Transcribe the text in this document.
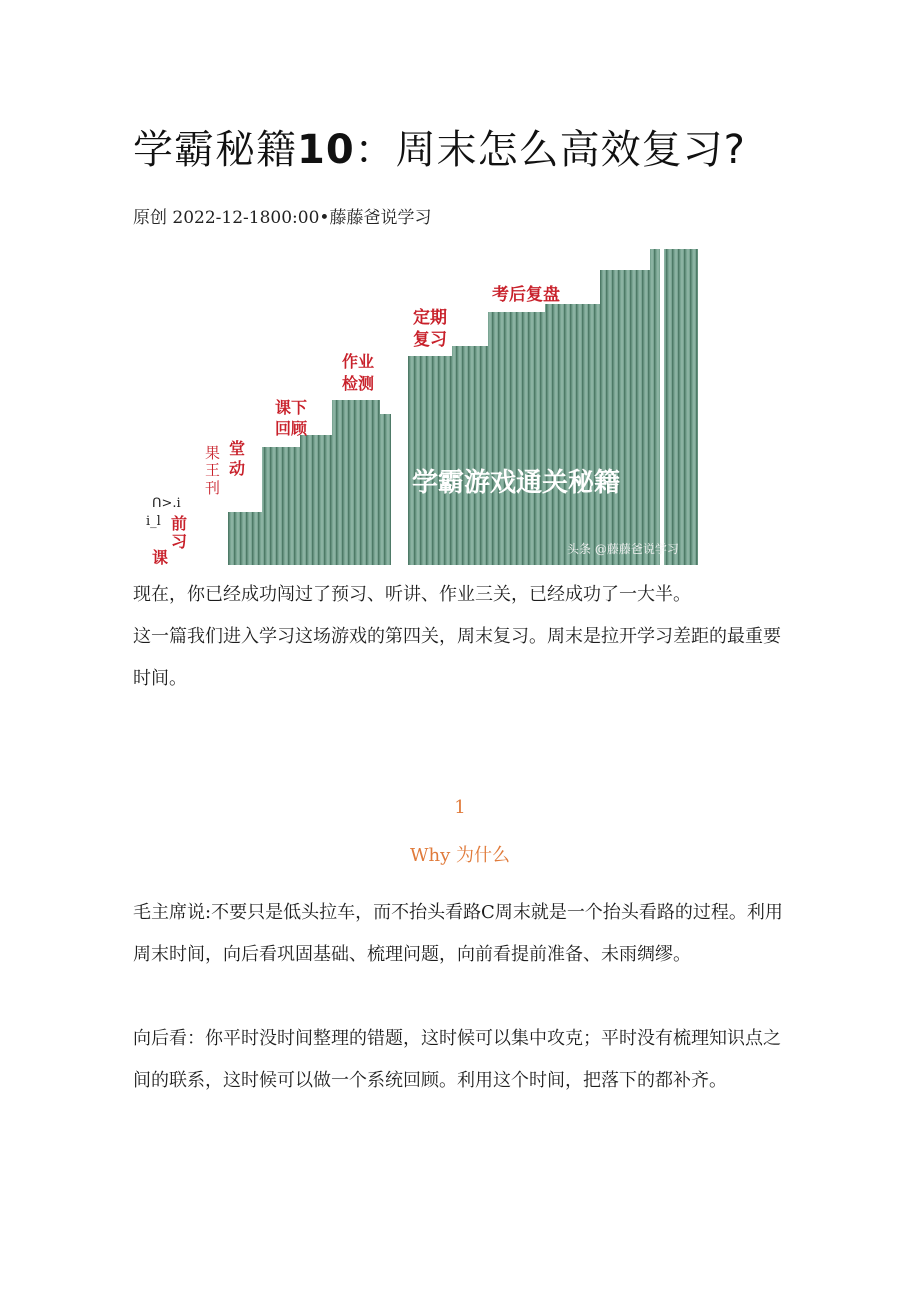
学霸秘籍10：周末怎么高效复习?
原创 2022-12-1800:00•藤藤爸说学习
前
习
课
ᑎ>.i
i_l
果
王
刊
堂
动
课下
回顾
作业
检测
定期
复习
考后复盘
学霸游戏通关秘籍
头条 @藤藤爸说学习

现在，你已经成功闯过了预习、听讲、作业三关，已经成功了一大半。

这一篇我们进入学习这场游戏的第四关，周末复习。周末是拉开学习差距的最重要时间。

1
Why 为什么

毛主席说:不要只是低头拉车，而不抬头看路C周末就是一个抬头看路的过程。利用周末时间，向后看巩固基础、梳理问题，向前看提前准备、未雨绸缪。

向后看：你平时没时间整理的错题，这时候可以集中攻克；平时没有梳理知识点之间的联系，这时候可以做一个系统回顾。利用这个时间，把落下的都补齐。
